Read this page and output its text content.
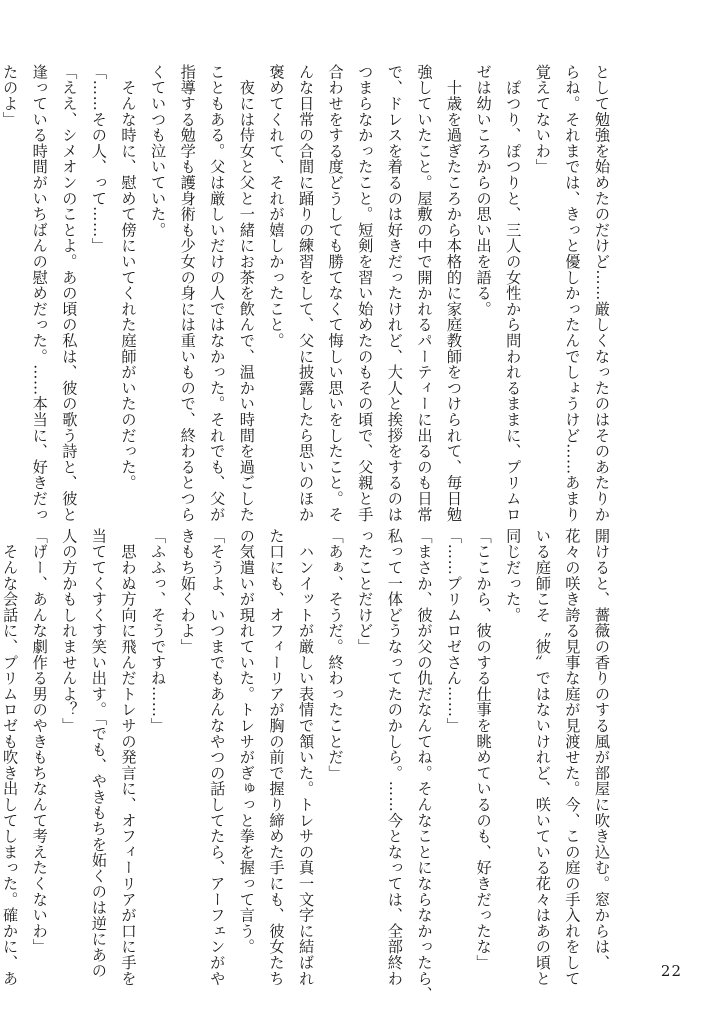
として勉強を始めたのだけど……厳しくなったのはそのあたりか
らね。それまでは、きっと優しかったんでしょうけど……あまり
覚えてないわ」
　ぽつり、ぽつりと、三人の女性から問われるままに、プリムロ
ゼは幼いころからの思い出を語る。
　十歳を過ぎたころから本格的に家庭教師をつけられて、毎日勉
強していたこと。屋敷の中で開かれるパーティーに出るのも日常
で、ドレスを着るのは好きだったけれど、大人と挨拶をするのは
つまらなかったこと。短剣を習い始めたのもその頃で、父親と手
合わせをする度どうしても勝てなくて悔しい思いをしたこと。そ
んな日常の合間に踊りの練習をして、父に披露したら思いのほか
褒めてくれて、それが嬉しかったこと。
　夜には侍女と父と一緒にお茶を飲んで、温かい時間を過ごした
こともある。父は厳しいだけの人ではなかった。それでも、父が
指導する勉学も護身術も少女の身には重いもので、終わるとつら
くていつも泣いていた。
　そんな時に、慰めて傍にいてくれた庭師がいたのだった。
「……その人、って……」
「ええ、シメオンのことよ。あの頃の私は、彼の歌う詩と、彼と
逢っている時間がいちばんの慰めだった。……本当に、好きだっ
たのよ」
開けると、薔薇の香りのする風が部屋に吹き込む。窓からは、
花々の咲き誇る見事な庭が見渡せた。今、この庭の手入れをして
いる庭師こそ〝彼〟ではないけれど、咲いている花々はあの頃と
同じだった。
「ここから、彼のする仕事を眺めているのも、好きだったな」
「……プリムロゼさん……」
「まさか、彼が父の仇だなんてね。そんなことにならなかったら、
私って一体どうなってたのかしら。……今となっては、全部終わ
ったことだけど」
「あぁ、そうだ。終わったことだ」
　ハンイットが厳しい表情で頷いた。トレサの真一文字に結ばれ
た口にも、オフィーリアが胸の前で握り締めた手にも、彼女たち
の気遣いが現れていた。トレサがぎゅっと拳を握って言う。
「そうよ、いつまでもあんなやつの話してたら、アーフェンがや
きもち妬くわよ」
「ふふっ、そうですね……」
　思わぬ方向に飛んだトレサの発言に、オフィーリアが口に手を
当ててくすくす笑い出す。「でも、やきもちを妬くのは逆にあの
人の方かもしれませんよ？」
「げー、あんな劇作る男のやきもちなんて考えたくないわ」
　そんな会話に、プリムロゼも吹き出してしまった。確かに、あ	22
